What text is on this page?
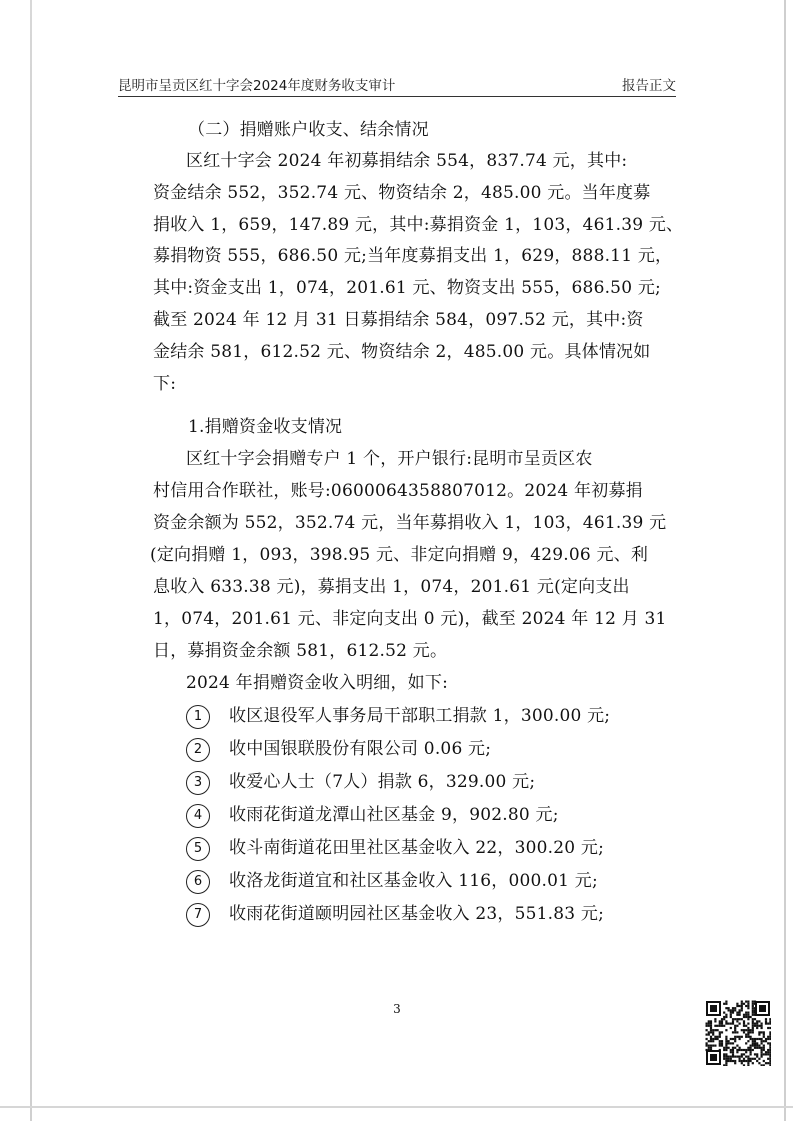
昆明市呈贡区红十字会2024年度财务收支审计	报告正文
（二）捐赠账户收支、结余情况
区红十字会 2024 年初募捐结余 554，837.74 元，其中:
资金结余 552，352.74 元、物资结余 2，485.00 元。当年度募
捐收入 1，659，147.89 元，其中:募捐资金 1，103，461.39 元、
募捐物资 555，686.50 元;当年度募捐支出 1，629，888.11 元，
其中:资金支出 1，074，201.61 元、物资支出 555，686.50 元;
截至 2024 年 12 月 31 日募捐结余 584，097.52 元，其中:资
金结余 581，612.52 元、物资结余 2，485.00 元。具体情况如
下:
1.捐赠资金收支情况
区红十字会捐赠专户 1 个，开户银行:昆明市呈贡区农
村信用合作联社，账号:0600064358807012。2024 年初募捐
资金余额为 552，352.74 元，当年募捐收入 1，103，461.39 元
(定向捐赠 1，093，398.95 元、非定向捐赠 9，429.06 元、利
息收入 633.38 元)，募捐支出 1，074，201.61 元(定向支出
1，074，201.61 元、非定向支出 0 元)，截至 2024 年 12 月 31
日，募捐资金余额 581，612.52 元。
2024 年捐赠资金收入明细，如下:
1	收区退役军人事务局干部职工捐款 1，300.00 元;
2	收中国银联股份有限公司 0.06 元;
3	收爱心人士（7人）捐款 6，329.00 元;
4	收雨花街道龙潭山社区基金 9，902.80 元;
5	收斗南街道花田里社区基金收入 22，300.20 元;
6	收洛龙街道宜和社区基金收入 116，000.01 元;
7	收雨花街道颐明园社区基金收入 23，551.83 元;
3
